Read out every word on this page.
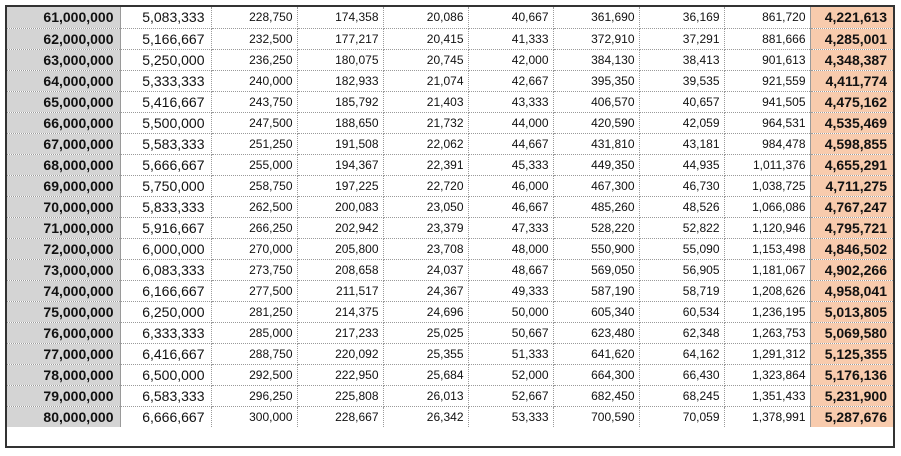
61,000,000	5,083,333	228,750	174,358	20,086	40,667	361,690	36,169	861,720	4,221,613
62,000,000	5,166,667	232,500	177,217	20,415	41,333	372,910	37,291	881,666	4,285,001
63,000,000	5,250,000	236,250	180,075	20,745	42,000	384,130	38,413	901,613	4,348,387
64,000,000	5,333,333	240,000	182,933	21,074	42,667	395,350	39,535	921,559	4,411,774
65,000,000	5,416,667	243,750	185,792	21,403	43,333	406,570	40,657	941,505	4,475,162
66,000,000	5,500,000	247,500	188,650	21,732	44,000	420,590	42,059	964,531	4,535,469
67,000,000	5,583,333	251,250	191,508	22,062	44,667	431,810	43,181	984,478	4,598,855
68,000,000	5,666,667	255,000	194,367	22,391	45,333	449,350	44,935	1,011,376	4,655,291
69,000,000	5,750,000	258,750	197,225	22,720	46,000	467,300	46,730	1,038,725	4,711,275
70,000,000	5,833,333	262,500	200,083	23,050	46,667	485,260	48,526	1,066,086	4,767,247
71,000,000	5,916,667	266,250	202,942	23,379	47,333	528,220	52,822	1,120,946	4,795,721
72,000,000	6,000,000	270,000	205,800	23,708	48,000	550,900	55,090	1,153,498	4,846,502
73,000,000	6,083,333	273,750	208,658	24,037	48,667	569,050	56,905	1,181,067	4,902,266
74,000,000	6,166,667	277,500	211,517	24,367	49,333	587,190	58,719	1,208,626	4,958,041
75,000,000	6,250,000	281,250	214,375	24,696	50,000	605,340	60,534	1,236,195	5,013,805
76,000,000	6,333,333	285,000	217,233	25,025	50,667	623,480	62,348	1,263,753	5,069,580
77,000,000	6,416,667	288,750	220,092	25,355	51,333	641,620	64,162	1,291,312	5,125,355
78,000,000	6,500,000	292,500	222,950	25,684	52,000	664,300	66,430	1,323,864	5,176,136
79,000,000	6,583,333	296,250	225,808	26,013	52,667	682,450	68,245	1,351,433	5,231,900
80,000,000	6,666,667	300,000	228,667	26,342	53,333	700,590	70,059	1,378,991	5,287,676
